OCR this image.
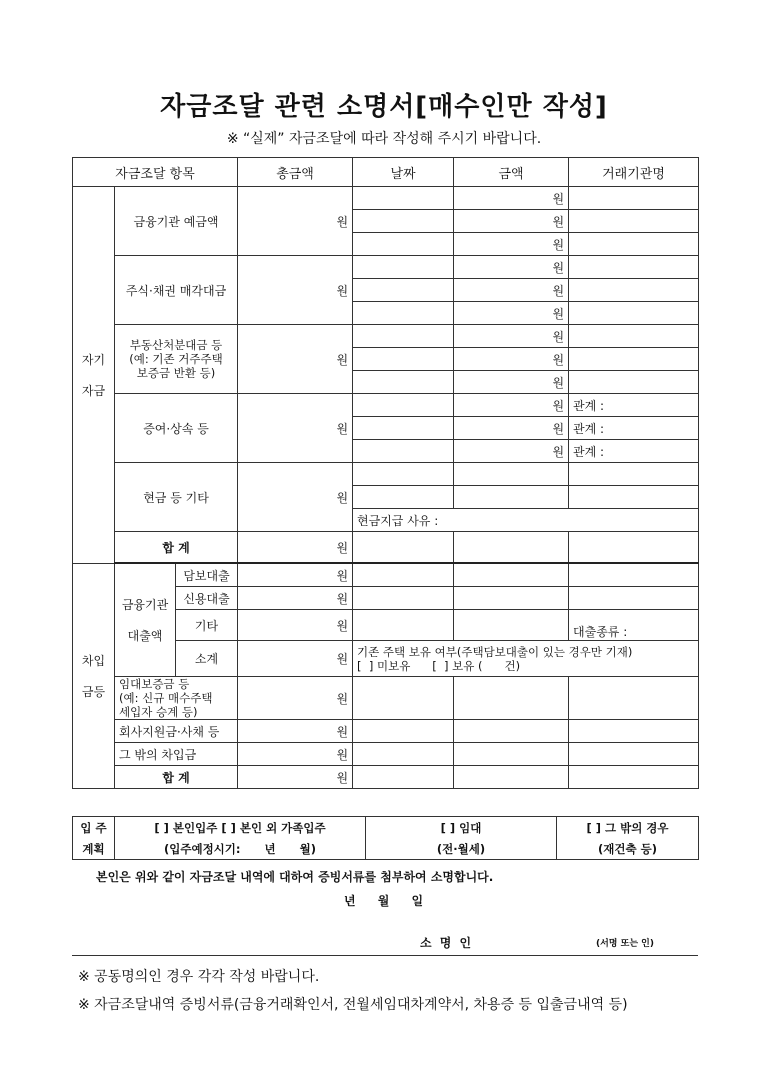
자금조달 관련 소명서[매수인만 작성]
※ “실제” 자금조달에 따라 작성해 주시기 바랍니다.
자금조달 항목			총금액	날짜	금액	거래기관명
자기

자금	금융기관 예금액		원		원	
					원	
					원	
	주식·채권 매각대금		원		원	
					원	
					원	
	부동산처분대금 등
(예: 기존 거주주택
보증금 반환 등)		원		원	
					원	
					원	
	증여·상속 등		원		원	관계 :
					원	관계 :
					원	관계 :
	현금 등 기타		원			

				현금지급 사유 :		
	합 계		원			
차입

금등	금융기관

대출액	담보대출	원			
		신용대출	원			
		기타	원			대출종류 :
		소계	원	기존 주택 보유 여부(주택담보대출이 있는 경우만 기재)
[  ] 미보유      [  ] 보유 (      건)		
	임대보증금 등
(예: 신규 매수주택
세입자 승계 등)		원			
	회사지원금·사채 등		원			
	그 밖의 차입금		원			
	합 계		원			
입 주	[ ] 본인입주 [ ] 본인 외 가족입주	[ ] 임대	[ ] 그 밖의 경우
계획	(입주예정시기:      년      월)	(전·월세)	(재건축 등)
본인은 위와 같이 자금조달 내역에 대하여 증빙서류를 첨부하여 소명합니다.
년 월 일
소 명 인	(서명 또는 인)
※ 공동명의인 경우 각각 작성 바랍니다.
※ 자금조달내역 증빙서류(금융거래확인서, 전월세임대차계약서, 차용증 등 입출금내역 등)
